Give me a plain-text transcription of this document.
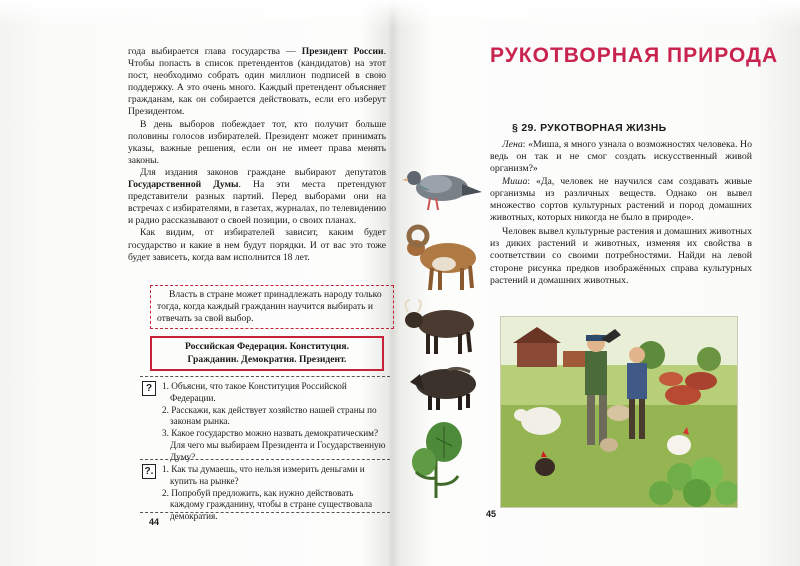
года выбирается глава государства — Президент России. Чтобы попасть в список претендентов (кандидатов) на этот пост, необходимо собрать один миллион подписей в свою поддержку. А это очень много. Каждый претендент объясняет гражданам, как он собирается действовать, если его изберут Президентом.

В день выборов побеждает тот, кто получит больше половины голосов избирателей. Президент может принимать указы, важные решения, если он не имеет права менять законы.

Для издания законов граждане выбирают депутатов Государственной Думы. На эти места претендуют представители разных партий. Перед выборами они на встречах с избирателями, в газетах, журналах, по телевидению и радио рассказывают о своей позиции, о своих планах.

Как видим, от избирателей зависит, каким будет государство и какие в нем будут порядки. И от вас это тоже будет зависеть, когда вам исполнится 18 лет.

Власть в стране может принадлежать народу только тогда, когда каждый гражданин научится выбирать и отвечать за свой выбор.
Российская Федерация. Конституция.
Гражданин. Демократия. Президент.
?	1. Объясни, что такое Конституция Российской Федерации.
2. Расскажи, как действует хозяйство нашей страны по законам рынка.
3. Какое государство можно назвать демократическим? Для чего мы выбираем Президента и Государственную Думу?
?. 1. Как ты думаешь, что нельзя измерить деньгами и купить на рынке?
2. Попробуй предложить, как нужно действовать каждому гражданину, чтобы в стране существовала демократия.
44
РУКОТВОРНАЯ ПРИРОДА
§ 29. РУКОТВОРНАЯ ЖИЗНЬ

Лена: «Миша, я много узнала о возможностях человека. Но ведь он так и не смог создать искусственный живой организм?»

Миша: «Да, человек не научился сам создавать живые организмы из различных веществ. Однако он вывел множество сортов культурных растений и пород домашних животных, которых никогда не было в природе».

Человек вывел культурные растения и домашних животных из диких растений и животных, изменяя их свойства в соответствии со своими потребностями. Найди на левой стороне рисунка предков изображённых справа культурных растений и домашних животных.

45
